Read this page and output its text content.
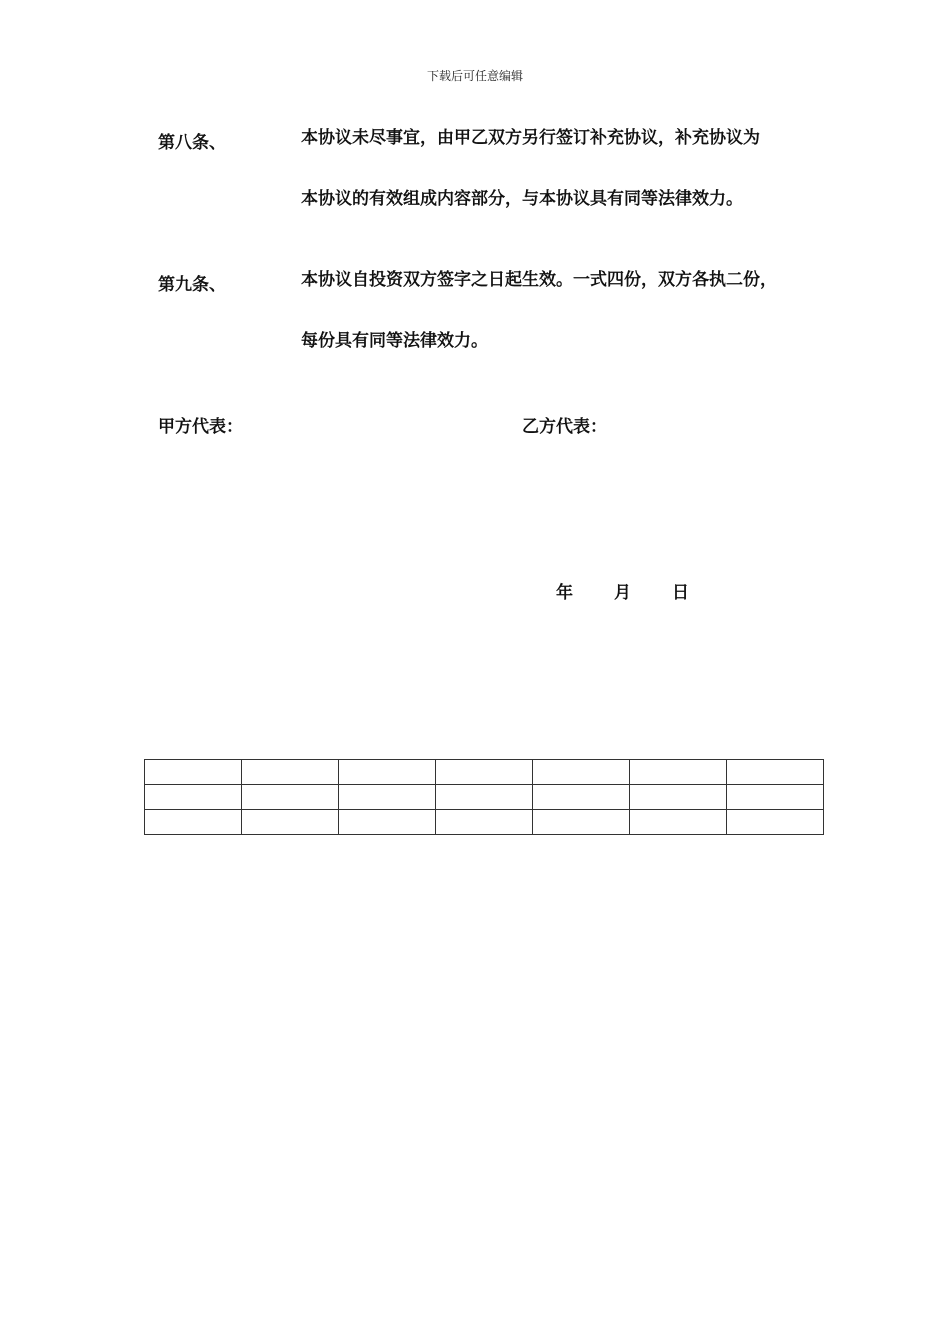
下载后可任意编辑
第八条、	本协议未尽事宜，由甲乙双方另行签订补充协议，补充协议为
本协议的有效组成内容部分，与本协议具有同等法律效力。
第九条、	本协议自投资双方签字之日起生效。一式四份，双方各执二份，
每份具有同等法律效力。
甲方代表：	乙方代表：
年 月 日
